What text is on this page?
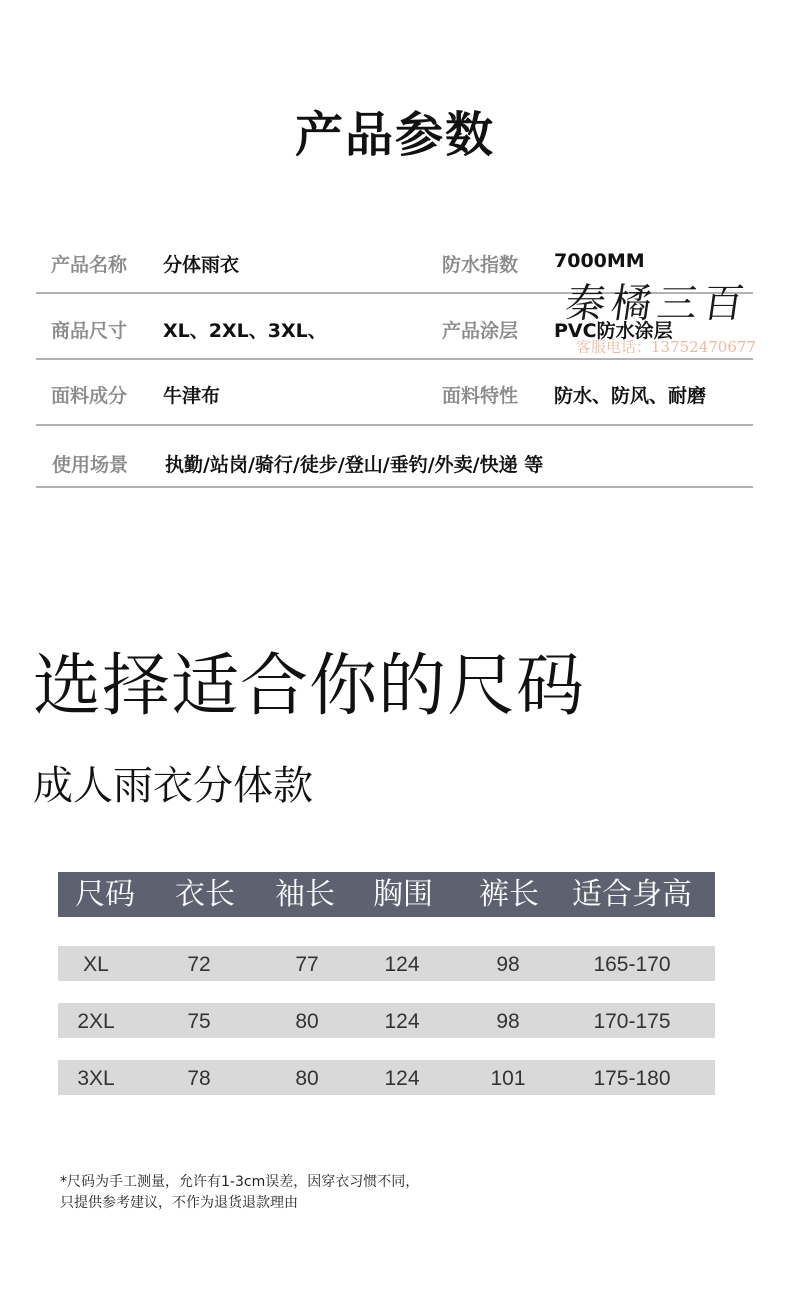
产品参数
产品名称 分体雨衣	防水指数 7000MM
商品尺寸 XL、2XL、3XL、	产品涂层 PVC防水涂层
面料成分 牛津布	面料特性 防水、防风、耐磨
使用场景 执勤/站岗/骑行/徒步/登山/垂钓/外卖/快递 等
秦橘三百
客服电话：13752470677
选择适合你的尺码
成人雨衣分体款
尺码 衣长 袖长 胸围 裤长 适合身高
XL	72	77	124	98	165-170
2XL	75	80	124	98	170-175
3XL	78	80	124	101	175-180
*尺码为手工测量，允许有1-3cm误差，因穿衣习惯不同，
只提供参考建议，不作为退货退款理由
